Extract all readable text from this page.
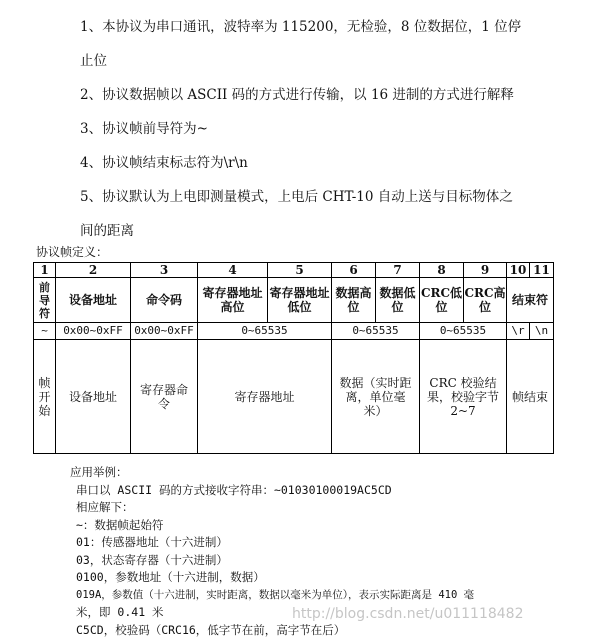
1、本协议为串口通讯，波特率为 115200，无检验，8 位数据位，1 位停
止位
2、协议数据帧以 ASCII 码的方式进行传输，以 16 进制的方式进行解释
3、协议帧前导符为~
4、协议帧结束标志符为\r\n
5、协议默认为上电即测量模式，上电后 CHT-10 自动上送与目标物体之
间的距离
协议帧定义：
1	2	3	4	5	6	7	8	9	10	11
前导符	设备地址	命令码	寄存器地址高位	寄存器地址低位	数据高位	数据低位	CRC低位	CRC高位	结束符	
~	0x00~0xFF	0x00~0xFF	0~65535		0~65535		0~65535		\r	\n
帧开始	设备地址	寄存器命令	寄存器地址		数据（实时距离，单位毫米）		CRC 校验结果，校验字节 2~7		帧结束	
应用举例：
串口以 ASCII 码的方式接收字符串：~01030100019AC5CD
相应解下：
~：数据帧起始符
01：传感器地址（十六进制）
03，状态寄存器（十六进制）
0100，参数地址（十六进制，数据）
019A，参数值（十六进制，实时距离，数据以毫米为单位），表示实际距离是 410 毫
米，即 0.41 米
C5CD，校验码（CRC16，低字节在前，高字节在后）
http://blog.csdn.net/u011118482
